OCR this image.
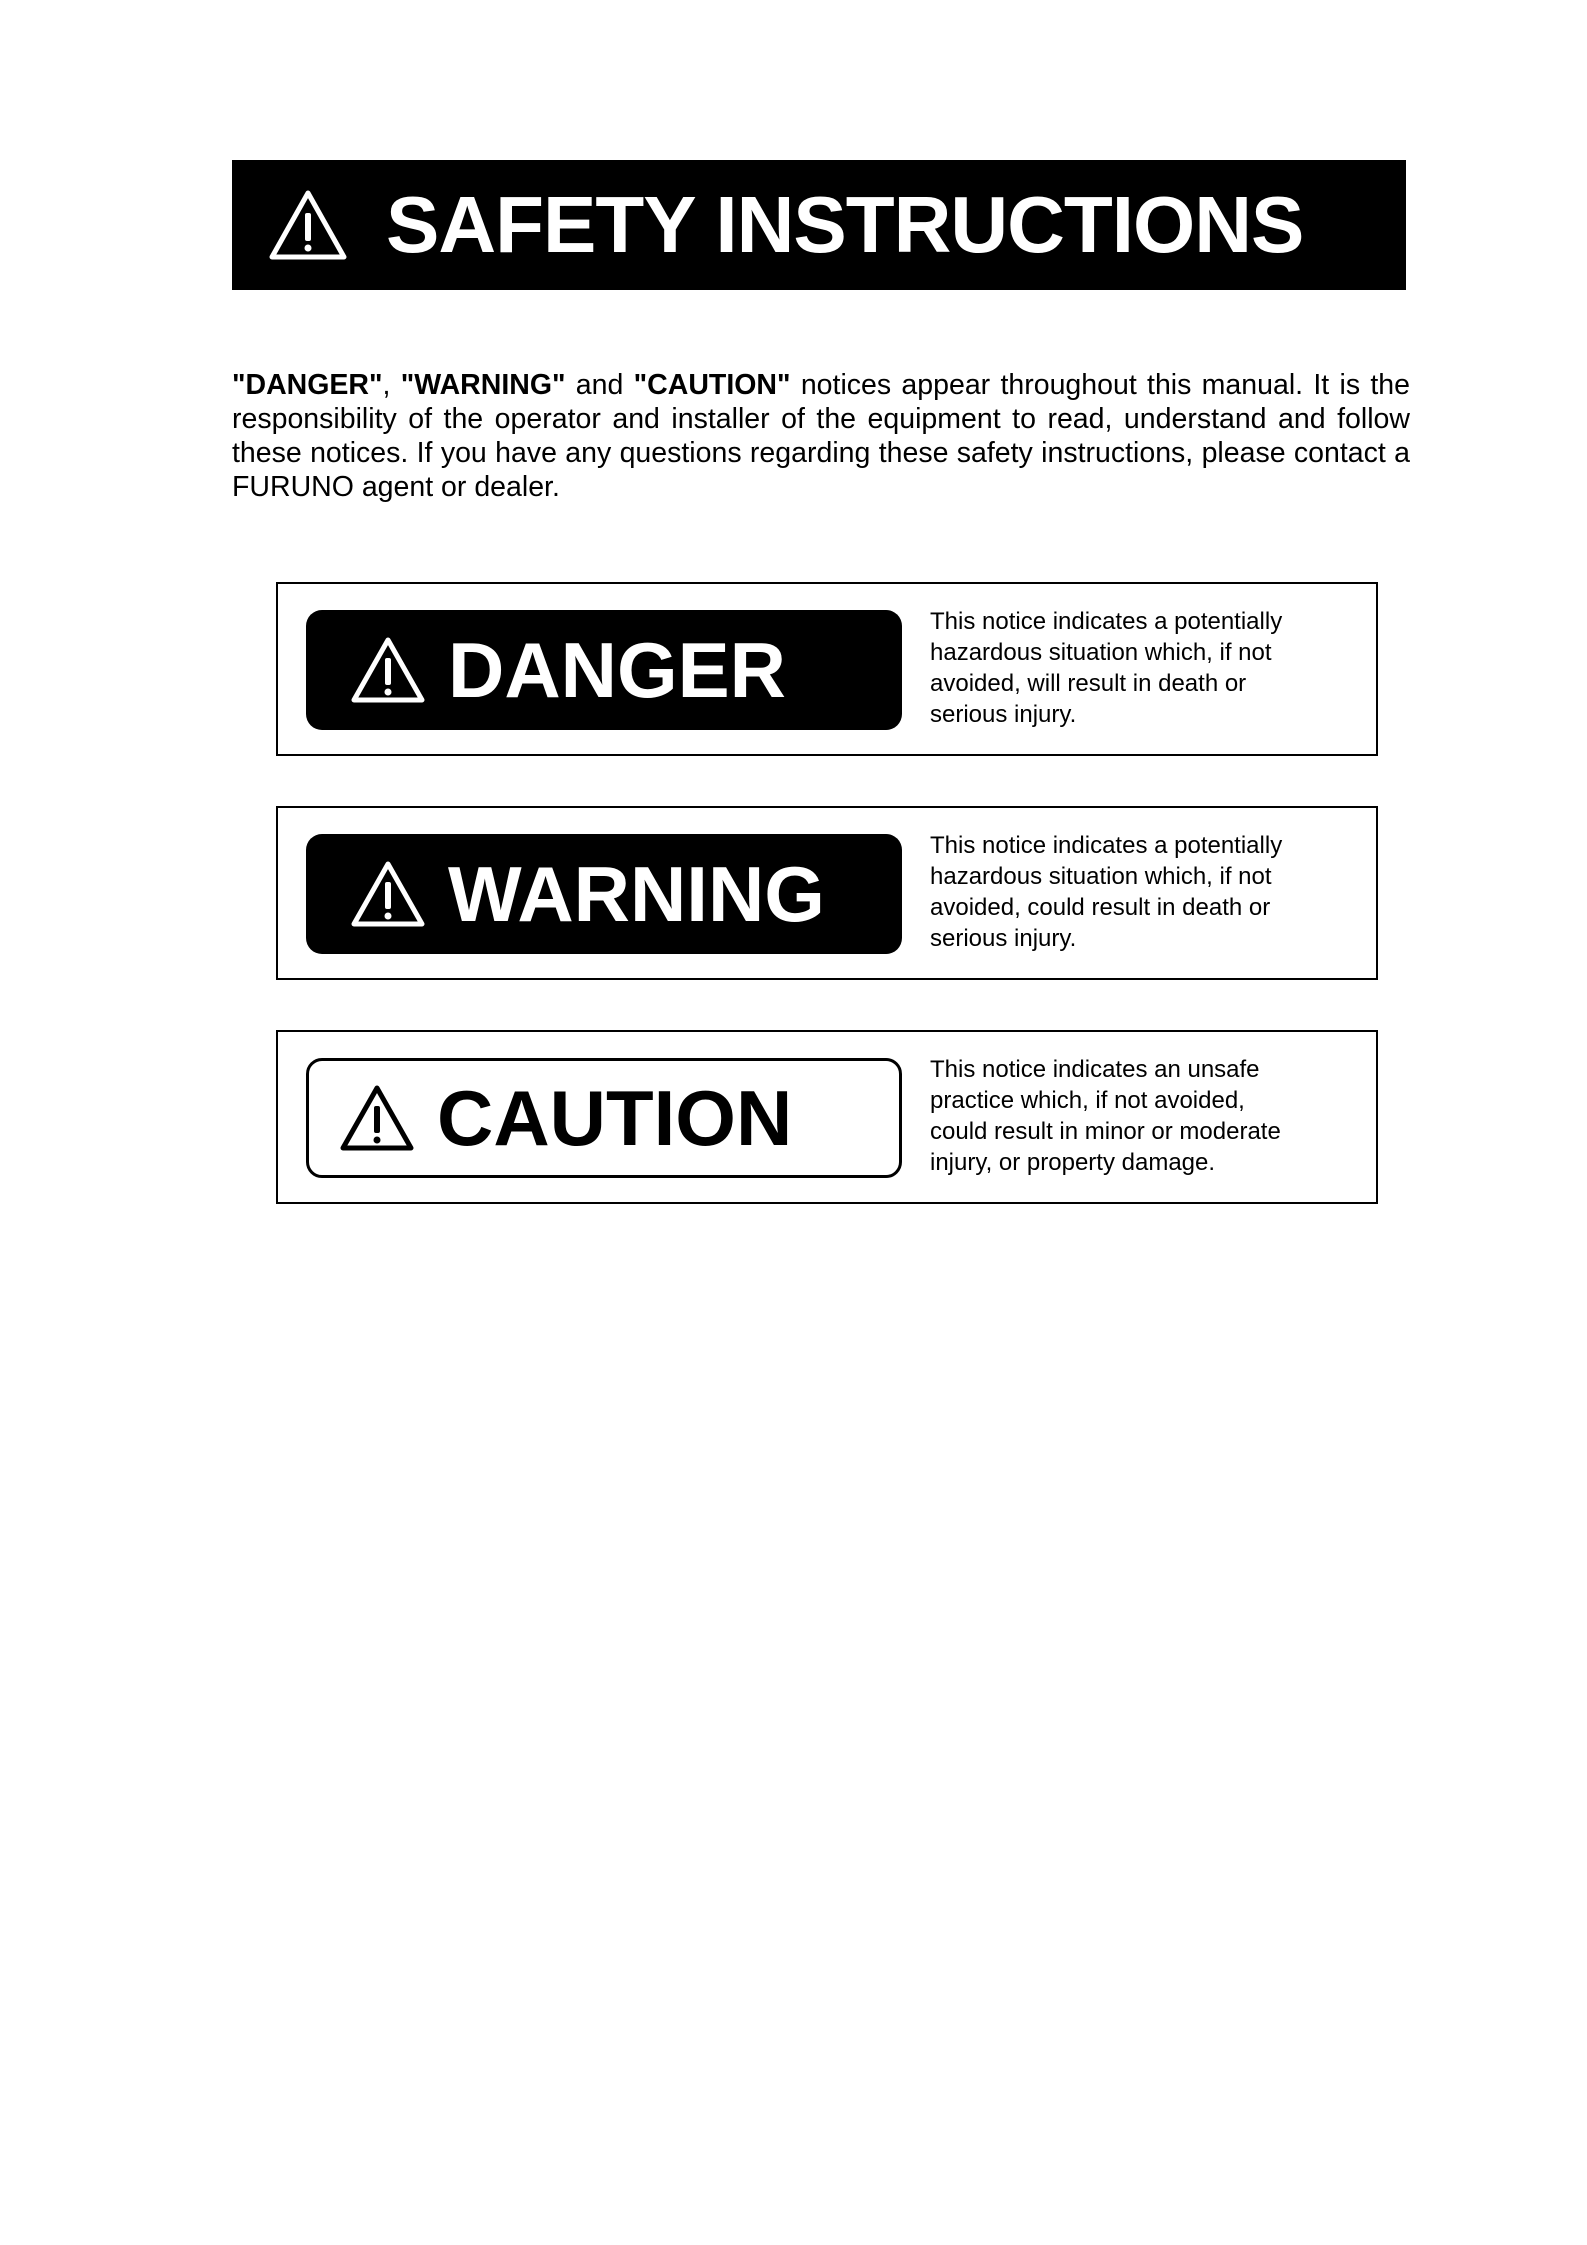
SAFETY INSTRUCTIONS

"DANGER", "WARNING" and "CAUTION" notices appear throughout this manual. It is the responsibility of the operator and installer of the equipment to read, understand and follow these notices. If you have any questions regarding these safety instructions, please contact a FURUNO agent or dealer.

DANGER

This notice indicates a potentially
hazardous situation which, if not
avoided, will result in death or
serious injury.

WARNING

This notice indicates a potentially
hazardous situation which, if not
avoided, could result in death or
serious injury.

CAUTION

This notice indicates an unsafe
practice which, if not avoided,
could result in minor or moderate
injury, or property damage.
